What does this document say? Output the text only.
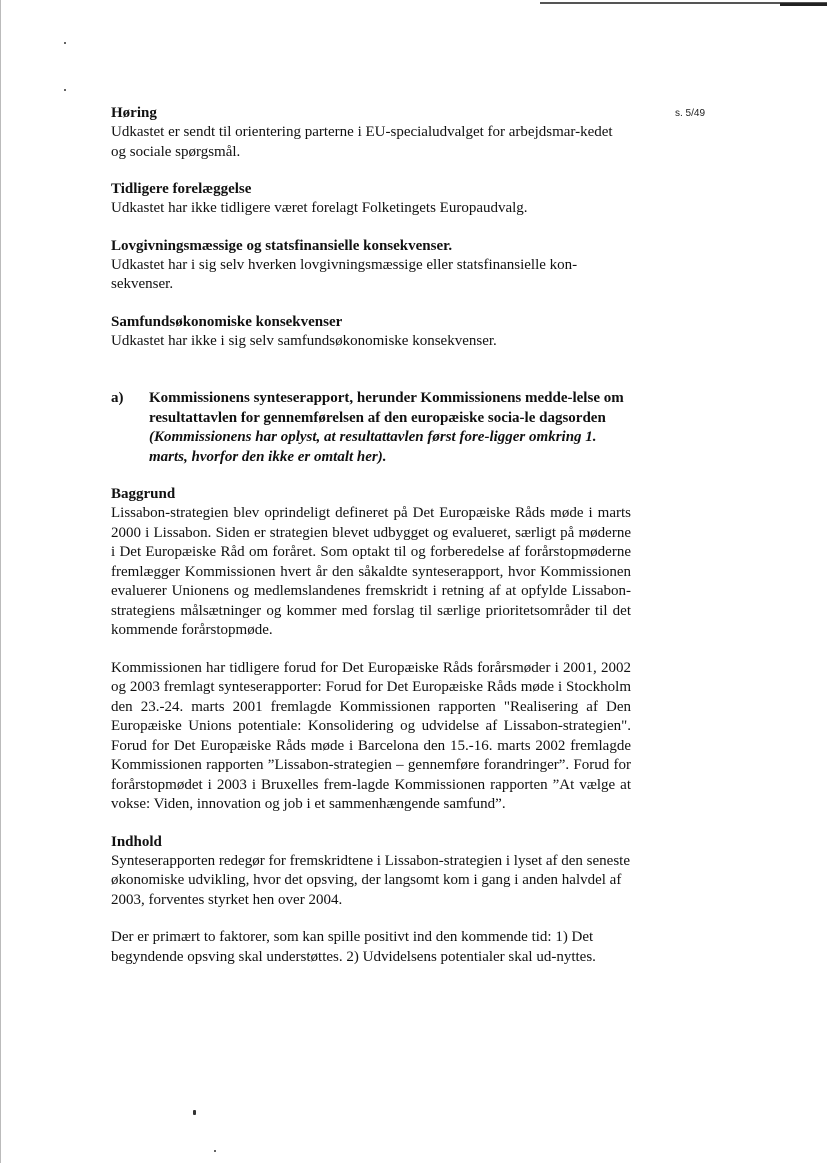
s. 5/49
Høring

Udkastet er sendt til orientering parterne i EU-specialudvalget for arbejdsmar-kedet og sociale spørgsmål.

Tidligere forelæggelse

Udkastet har ikke tidligere været forelagt Folketingets Europaudvalg.

Lovgivningsmæssige og statsfinansielle konsekvenser.

Udkastet har i sig selv hverken lovgivningsmæssige eller statsfinansielle kon-sekvenser.

Samfundsøkonomiske konsekvenser

Udkastet har ikke i sig selv samfundsøkonomiske konsekvenser.

a)	Kommissionens synteserapport, herunder Kommissionens medde-lelse om resultattavlen for gennemførelsen af den europæiske socia-le dagsorden (Kommissionens har oplyst, at resultattavlen først fore-ligger omkring 1. marts, hvorfor den ikke er omtalt her).
Baggrund

Lissabon-strategien blev oprindeligt defineret på Det Europæiske Råds møde i marts 2000 i Lissabon. Siden er strategien blevet udbygget og evalueret, særligt på møderne i Det Europæiske Råd om foråret. Som optakt til og forberedelse af forårstopmøderne fremlægger Kommissionen hvert år den såkaldte synteserapport, hvor Kommissionen evaluerer Unionens og medlemslandenes fremskridt i retning af at opfylde Lissabon-strategiens målsætninger og kommer med forslag til særlige prioritetsområder til det kommende forårstopmøde.

Kommissionen har tidligere forud for Det Europæiske Råds forårsmøder i 2001, 2002 og 2003 fremlagt synteserapporter: Forud for Det Europæiske Råds møde i Stockholm den 23.-24. marts 2001 fremlagde Kommissionen rapporten "Realisering af Den Europæiske Unions potentiale: Konsolidering og udvidelse af Lissabon-strategien". Forud for Det Europæiske Råds møde i Barcelona den 15.-16. marts 2002 fremlagde Kommissionen rapporten ”Lissabon-strategien – gennemføre forandringer”. Forud for forårstopmødet i 2003 i Bruxelles frem-lagde Kommissionen rapporten ”At vælge at vokse: Viden, innovation og job i et sammenhængende samfund”.

Indhold

Synteserapporten redegør for fremskridtene i Lissabon-strategien i lyset af den seneste økonomiske udvikling, hvor det opsving, der langsomt kom i gang i anden halvdel af 2003, forventes styrket hen over 2004.

Der er primært to faktorer, som kan spille positivt ind den kommende tid: 1) Det begyndende opsving skal understøttes. 2) Udvidelsens potentialer skal ud-nyttes.
